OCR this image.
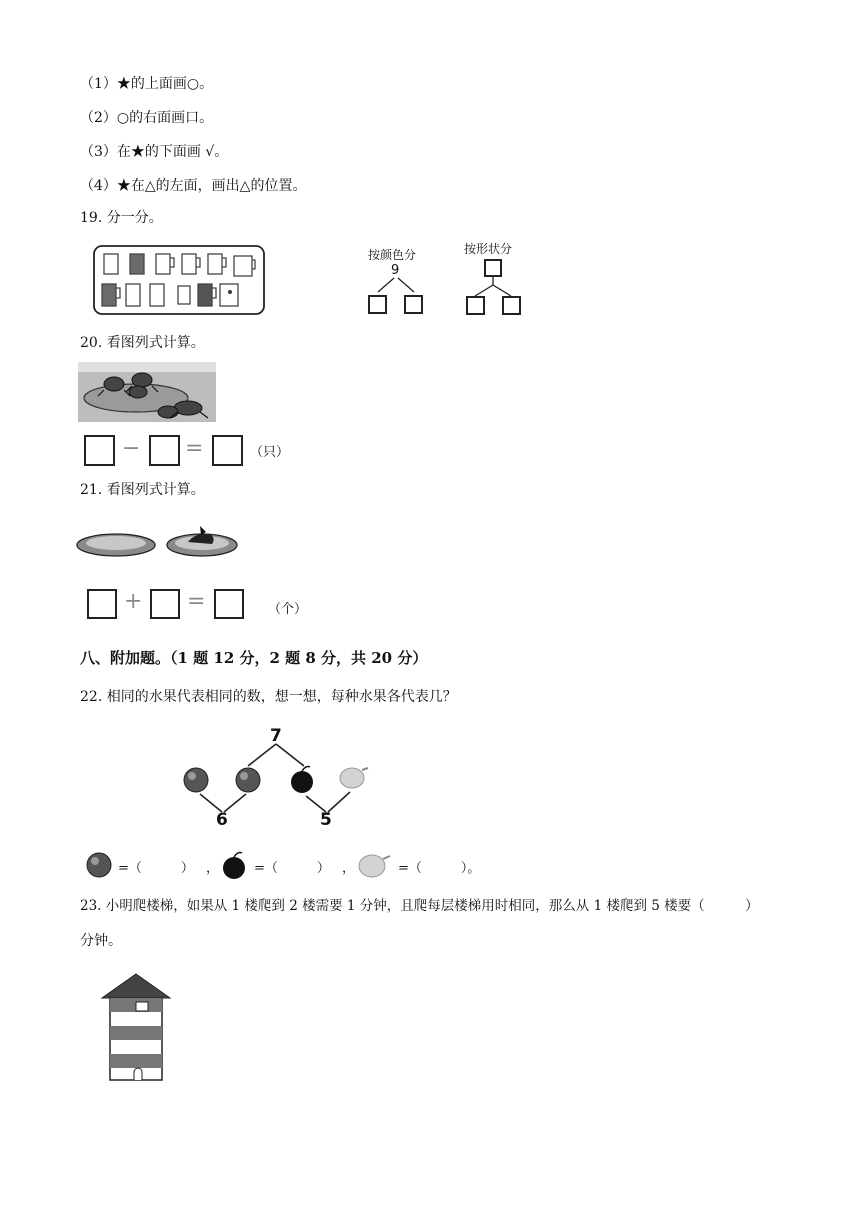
（1）★的上面画○。
（2）○的右面画口。
（3）在★的下面画 √。
（4）★在△的左面，画出△的位置。
19. 分一分。
按颜色分
9
按形状分
20. 看图列式计算。
− =	（只）
21. 看图列式计算。
+ =	（个）
八、附加题。（1 题 12 分，2 题 8 分，共 20 分）
22. 相同的水果代表相同的数，想一想，每种水果各代表几？
7
6	5
=（　　　） ，	=（　　　） ，	=（　　　）。
23. 小明爬楼梯，如果从 1 楼爬到 2 楼需要 1 分钟，且爬每层楼梯用时相同，那么从 1 楼爬到 5 楼要（　　　）
分钟。
